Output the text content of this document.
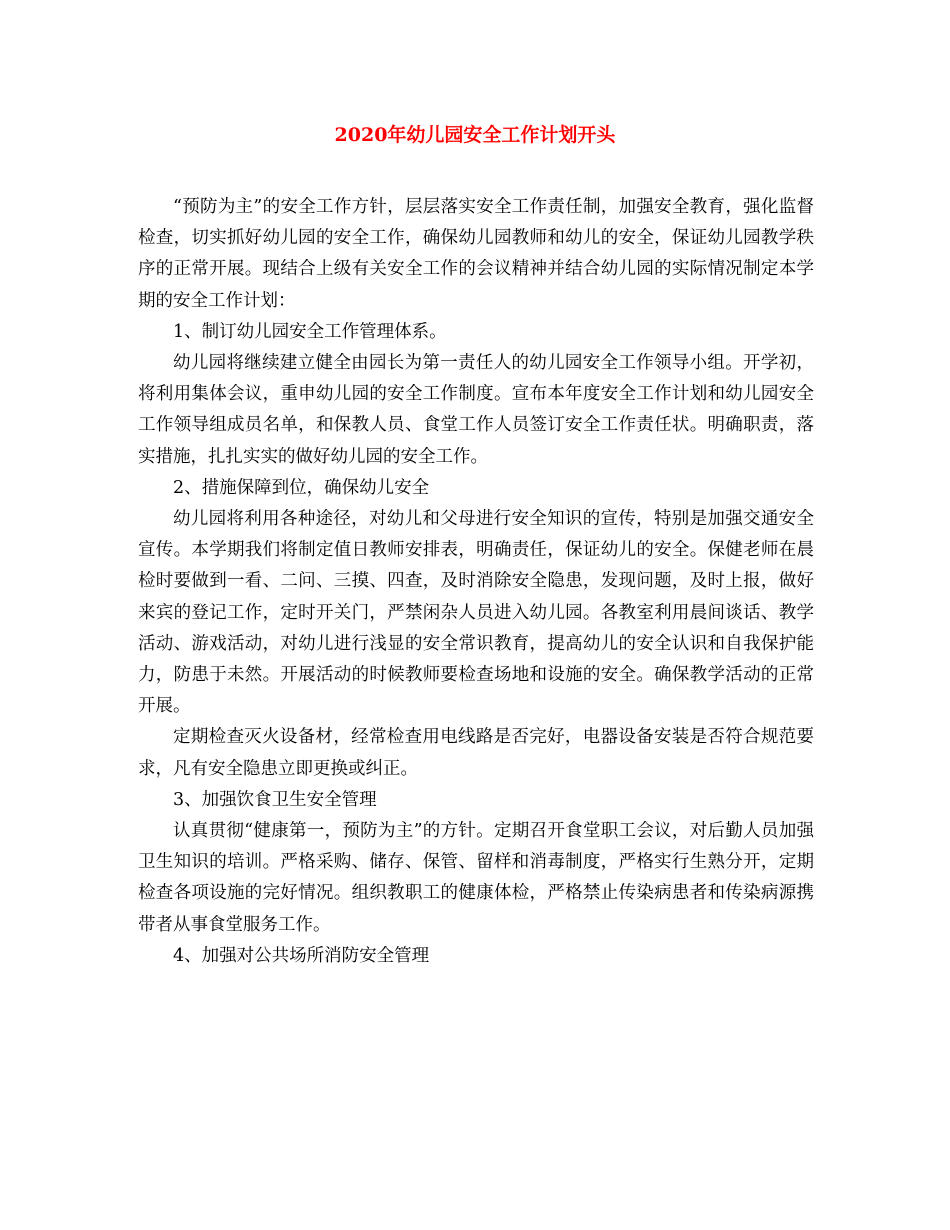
2020年幼儿园安全工作计划开头

“预防为主”的安全工作方针，层层落实安全工作责任制，加强安全教育，强化监督检查，切实抓好幼儿园的安全工作，确保幼儿园教师和幼儿的安全，保证幼儿园教学秩序的正常开展。现结合上级有关安全工作的会议精神并结合幼儿园的实际情况制定本学期的安全工作计划：

1、制订幼儿园安全工作管理体系。

幼儿园将继续建立健全由园长为第一责任人的幼儿园安全工作领导小组。开学初，将利用集体会议，重申幼儿园的安全工作制度。宣布本年度安全工作计划和幼儿园安全工作领导组成员名单，和保教人员、食堂工作人员签订安全工作责任状。明确职责，落实措施，扎扎实实的做好幼儿园的安全工作。

2、措施保障到位，确保幼儿安全

幼儿园将利用各种途径，对幼儿和父母进行安全知识的宣传，特别是加强交通安全宣传。本学期我们将制定值日教师安排表，明确责任，保证幼儿的安全。保健老师在晨检时要做到一看、二问、三摸、四查，及时消除安全隐患，发现问题，及时上报，做好来宾的登记工作，定时开关门，严禁闲杂人员进入幼儿园。各教室利用晨间谈话、教学活动、游戏活动，对幼儿进行浅显的安全常识教育，提高幼儿的安全认识和自我保护能力，防患于未然。开展活动的时候教师要检查场地和设施的安全。确保教学活动的正常开展。

定期检查灭火设备材，经常检查用电线路是否完好，电器设备安装是否符合规范要求，凡有安全隐患立即更换或纠正。

3、加强饮食卫生安全管理

认真贯彻“健康第一，预防为主”的方针。定期召开食堂职工会议，对后勤人员加强卫生知识的培训。严格采购、储存、保管、留样和消毒制度，严格实行生熟分开，定期检查各项设施的完好情况。组织教职工的健康体检，严格禁止传染病患者和传染病源携带者从事食堂服务工作。

4、加强对公共场所消防安全管理
